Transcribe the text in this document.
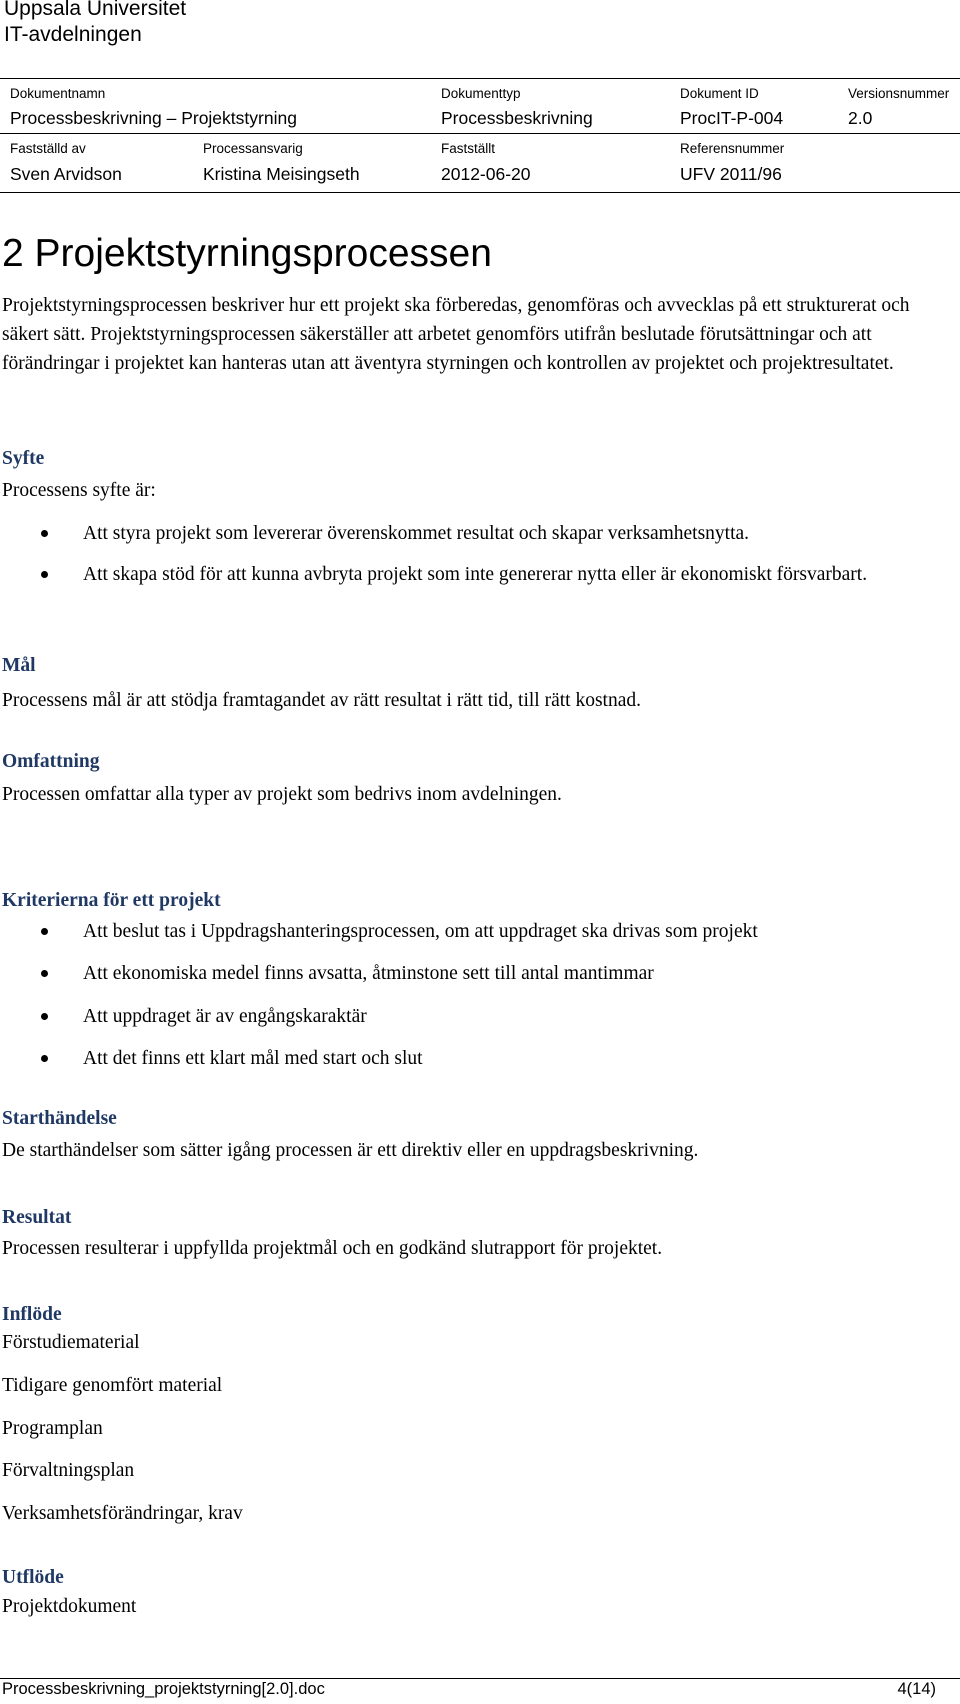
Uppsala Universitet
IT-avdelningen
Dokumentnamn
Processbeskrivning – Projektstyrning
Dokumenttyp
Processbeskrivning
Dokument ID
ProcIT-P-004
Versionsnummer
2.0
Fastställd av
Sven Arvidson
Processansvarig
Kristina Meisingseth
Fastställt
2012-06-20
Referensnummer
UFV 2011/96
2 Projektstyrningsprocessen
Projektstyrningsprocessen beskriver hur ett projekt ska förberedas, genomföras och avvecklas på ett strukturerat och säkert sätt. Projektstyrningsprocessen säkerställer att arbetet genomförs utifrån beslutade förutsättningar och att förändringar i projektet kan hanteras utan att äventyra styrningen och kontrollen av projektet och projektresultatet.
Syfte
Processens syfte är:
Att styra projekt som levererar överenskommet resultat och skapar verksamhetsnytta.
Att skapa stöd för att kunna avbryta projekt som inte genererar nytta eller är ekonomiskt försvarbart.
Mål
Processens mål är att stödja framtagandet av rätt resultat i rätt tid, till rätt kostnad.
Omfattning
Processen omfattar alla typer av projekt som bedrivs inom avdelningen.
Kriterierna för ett projekt
Att beslut tas i Uppdragshanteringsprocessen, om att uppdraget ska drivas som projekt
Att ekonomiska medel finns avsatta, åtminstone sett till antal mantimmar
Att uppdraget är av engångskaraktär
Att det finns ett klart mål med start och slut
Starthändelse
De starthändelser som sätter igång processen är ett direktiv eller en uppdragsbeskrivning.
Resultat
Processen resulterar i uppfyllda projektmål och en godkänd slutrapport för projektet.
Inflöde
Förstudiematerial
Tidigare genomfört material
Programplan
Förvaltningsplan
Verksamhetsförändringar, krav
Utflöde
Projektdokument
Processbeskrivning_projektstyrning[2.0].doc	4(14)
